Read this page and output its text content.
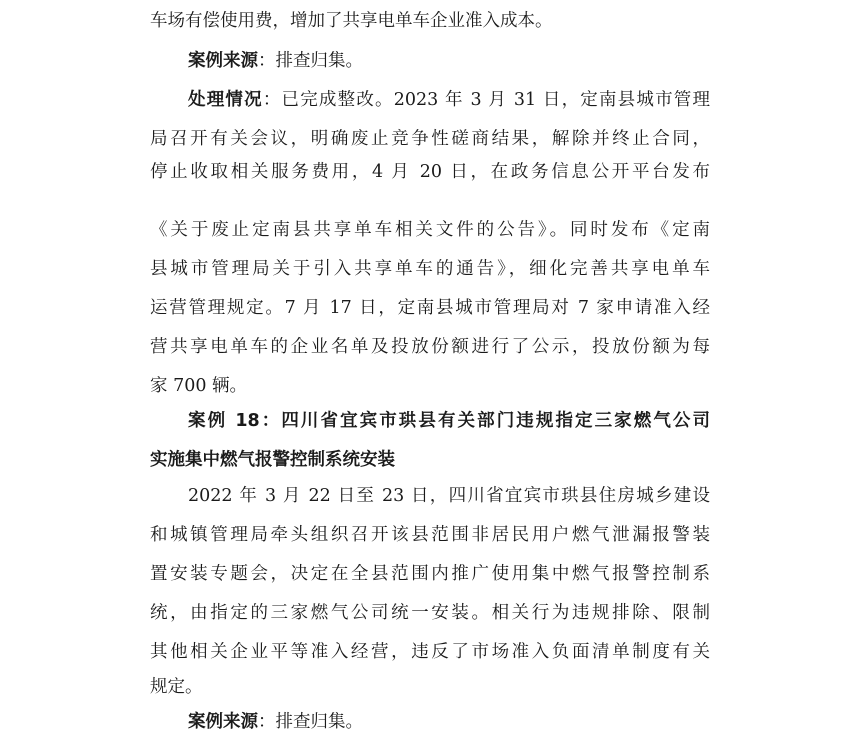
车场有偿使用费，增加了共享电单车企业准入成本。
案例来源：排查归集。
处理情况：已完成整改。2023 年 3 月 31 日，定南县城市管理
局召开有关会议，明确废止竞争性磋商结果，解除并终止合同，
停止收取相关服务费用，4 月 20 日，在政务信息公开平台发布
《关于废止定南县共享单车相关文件的公告》。同时发布《定南
县城市管理局关于引入共享单车的通告》，细化完善共享电单车
运营管理规定。7 月 17 日，定南县城市管理局对 7 家申请准入经
营共享电单车的企业名单及投放份额进行了公示，投放份额为每
家 700 辆。
案例 18：四川省宜宾市珙县有关部门违规指定三家燃气公司
实施集中燃气报警控制系统安装
2022 年 3 月 22 日至 23 日，四川省宜宾市珙县住房城乡建设
和城镇管理局牵头组织召开该县范围非居民用户燃气泄漏报警装
置安装专题会，决定在全县范围内推广使用集中燃气报警控制系
统，由指定的三家燃气公司统一安装。相关行为违规排除、限制
其他相关企业平等准入经营，违反了市场准入负面清单制度有关
规定。
案例来源：排查归集。
